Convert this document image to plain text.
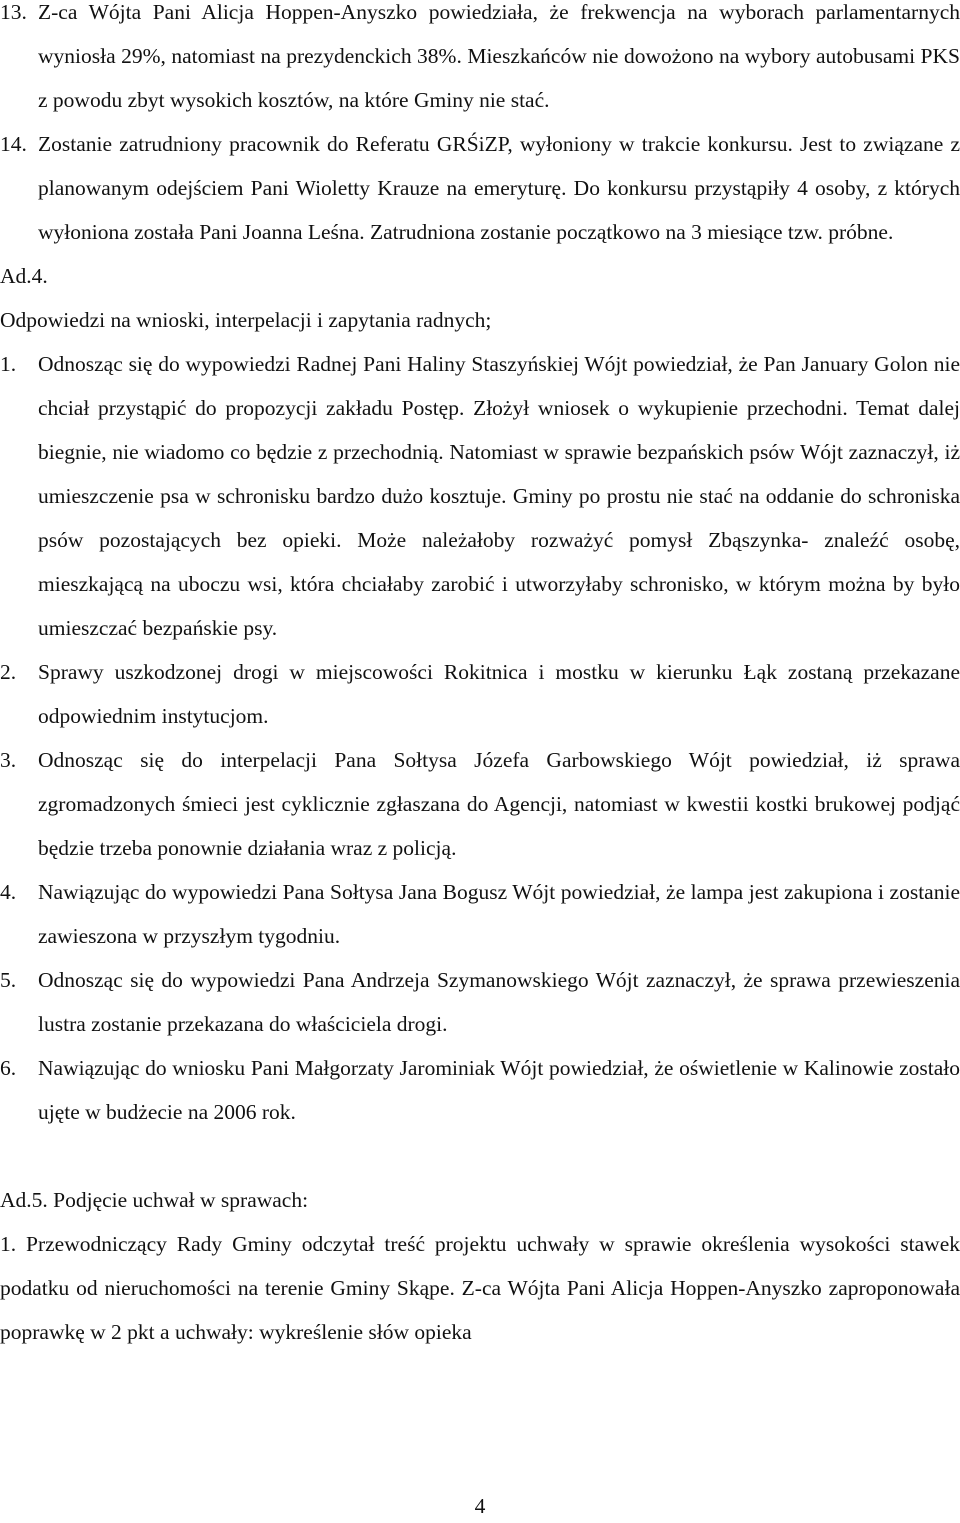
13. Z-ca Wójta Pani Alicja Hoppen-Anyszko powiedziała, że frekwencja na wyborach parlamentarnych wyniosła 29%, natomiast na prezydenckich 38%. Mieszkańców nie dowożono na wybory autobusami PKS z powodu zbyt wysokich kosztów, na które Gminy nie stać.
14. Zostanie zatrudniony pracownik do Referatu GRŚiZP, wyłoniony w trakcie konkursu. Jest to związane z planowanym odejściem Pani Wioletty Krauze na emeryturę. Do konkursu przystąpiły 4 osoby, z których wyłoniona została Pani Joanna Leśna. Zatrudniona zostanie początkowo na 3 miesiące tzw. próbne.
Ad.4.
Odpowiedzi na wnioski, interpelacji i zapytania radnych;
1. Odnosząc się do wypowiedzi Radnej Pani Haliny Staszyńskiej Wójt powiedział, że Pan January Golon nie chciał przystąpić do propozycji zakładu Postęp. Złożył wniosek o wykupienie przechodni. Temat dalej biegnie, nie wiadomo co będzie z przechodnią. Natomiast w sprawie bezpańskich psów Wójt zaznaczył, iż umieszczenie psa w schronisku bardzo dużo kosztuje. Gminy po prostu nie stać na oddanie do schroniska psów pozostających bez opieki. Może należałoby rozważyć pomysł Zbąszynka- znaleźć osobę, mieszkającą na uboczu wsi, która chciałaby zarobić i utworzyłaby schronisko, w którym można by było umieszczać bezpańskie psy.
2. Sprawy uszkodzonej drogi w miejscowości Rokitnica i mostku w kierunku Łąk zostaną przekazane odpowiednim instytucjom.
3. Odnosząc się do interpelacji Pana Sołtysa Józefa Garbowskiego Wójt powiedział, iż sprawa zgromadzonych śmieci jest cyklicznie zgłaszana do Agencji, natomiast w kwestii kostki brukowej podjąć będzie trzeba ponownie działania wraz z policją.
4. Nawiązując do wypowiedzi Pana Sołtysa Jana Bogusz Wójt powiedział, że lampa jest zakupiona i zostanie zawieszona w przyszłym tygodniu.
5. Odnosząc się do wypowiedzi Pana Andrzeja Szymanowskiego Wójt zaznaczył, że sprawa przewieszenia lustra zostanie przekazana do właściciela drogi.
6. Nawiązując do wniosku Pani Małgorzaty Jarominiak Wójt powiedział, że oświetlenie w Kalinowie zostało ujęte w budżecie na 2006 rok.
Ad.5. Podjęcie uchwał w sprawach:
1. Przewodniczący Rady Gminy odczytał treść projektu uchwały w sprawie określenia wysokości stawek podatku od nieruchomości na terenie Gminy Skąpe. Z-ca Wójta Pani Alicja Hoppen-Anyszko zaproponowała poprawkę w 2 pkt a uchwały: wykreślenie słów opieka
4
